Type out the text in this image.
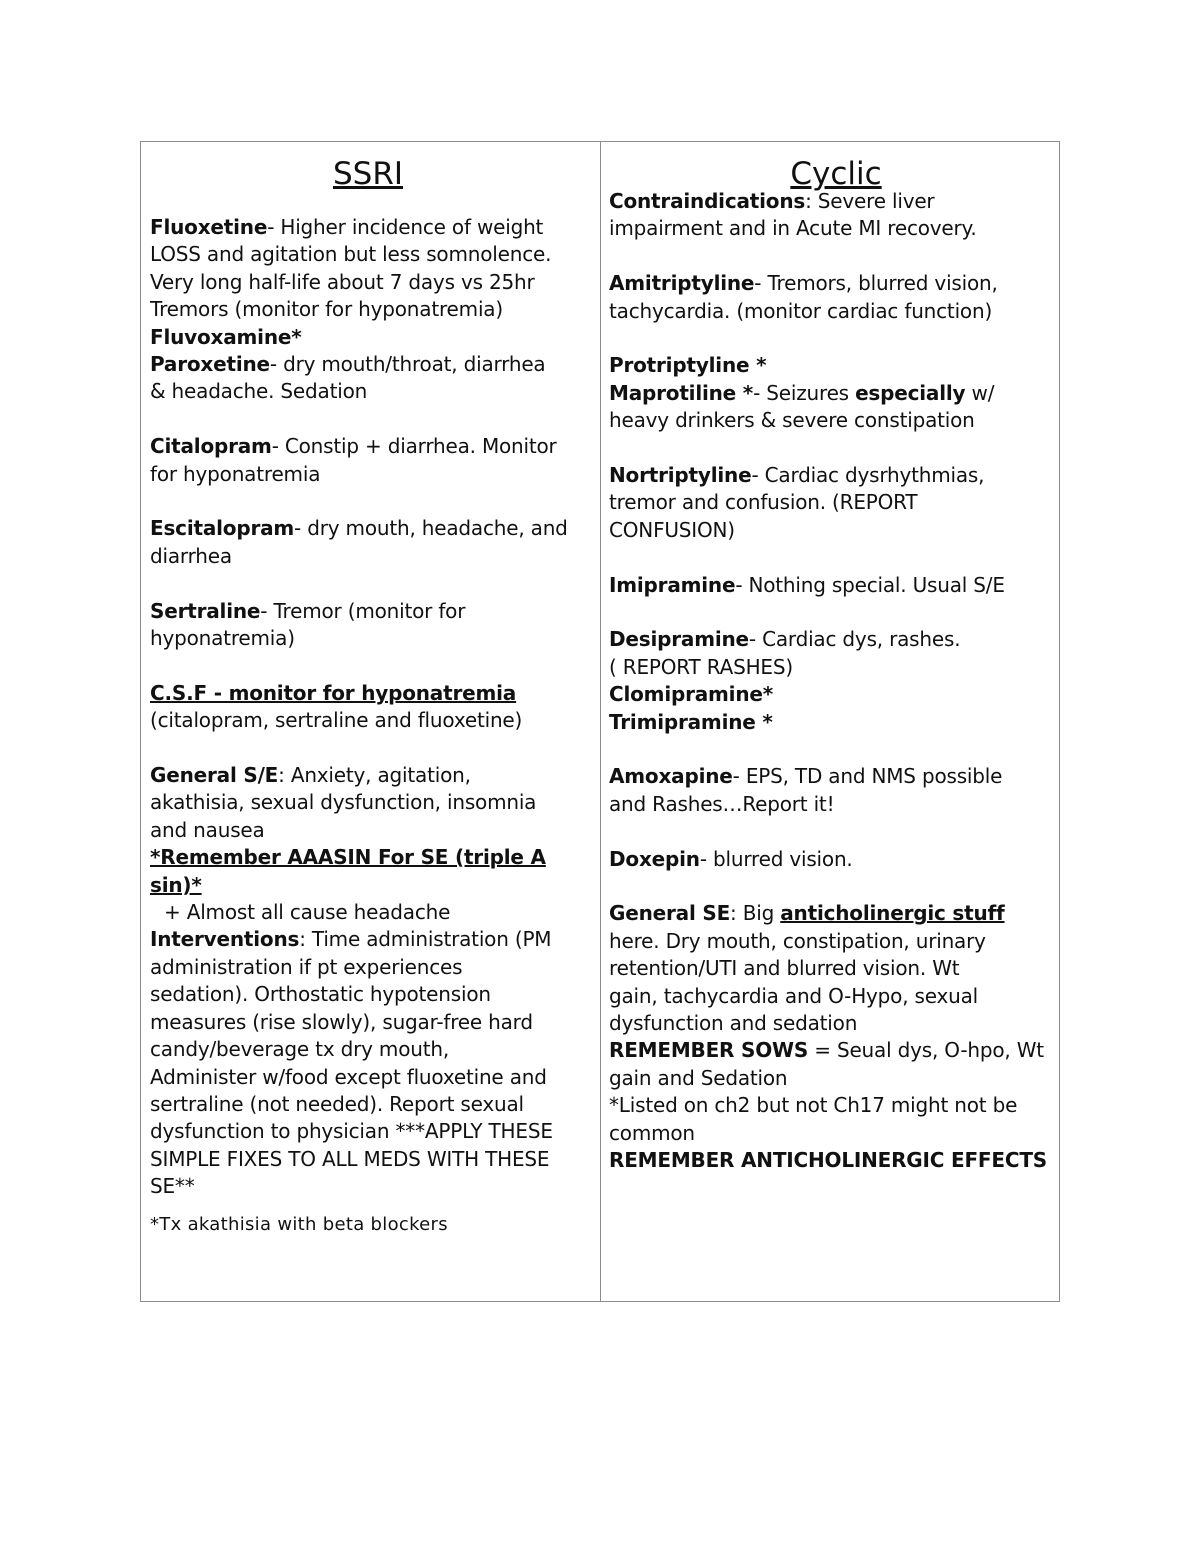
SSRI
Fluoxetine- Higher incidence of weight
LOSS and agitation but less somnolence.
Very long half-life about 7 days vs 25hr
Tremors (monitor for hyponatremia)
Fluvoxamine*
Paroxetine- dry mouth/throat, diarrhea
& headache. Sedation
Citalopram- Constip + diarrhea. Monitor
for hyponatremia
Escitalopram- dry mouth, headache, and
diarrhea
Sertraline- Tremor (monitor for
hyponatremia)
C.S.F - monitor for hyponatremia
(citalopram, sertraline and fluoxetine)
General S/E: Anxiety, agitation,
akathisia, sexual dysfunction, insomnia
and nausea
*Remember AAASIN For SE (triple A
sin)*
+ Almost all cause headache
Interventions: Time administration (PM
administration if pt experiences
sedation). Orthostatic hypotension
measures (rise slowly), sugar-free hard
candy/beverage tx dry mouth,
Administer w/food except fluoxetine and
sertraline (not needed). Report sexual
dysfunction to physician ***APPLY THESE
SIMPLE FIXES TO ALL MEDS WITH THESE
SE**
*Tx akathisia with beta blockers
Cyclic
Contraindications: Severe liver
impairment and in Acute MI recovery.
Amitriptyline- Tremors, blurred vision,
tachycardia. (monitor cardiac function)
Protriptyline *
Maprotiline *- Seizures especially w/
heavy drinkers & severe constipation
Nortriptyline- Cardiac dysrhythmias,
tremor and confusion. (REPORT
CONFUSION)
Imipramine- Nothing special. Usual S/E
Desipramine- Cardiac dys, rashes.
( REPORT RASHES)
Clomipramine*
Trimipramine *
Amoxapine- EPS, TD and NMS possible
and Rashes…Report it!
Doxepin- blurred vision.
General SE: Big anticholinergic stuff
here. Dry mouth, constipation, urinary
retention/UTI and blurred vision. Wt
gain, tachycardia and O-Hypo, sexual
dysfunction and sedation
REMEMBER SOWS = Seual dys, O-hpo, Wt
gain and Sedation
*Listed on ch2 but not Ch17 might not be
common
REMEMBER ANTICHOLINERGIC EFFECTS
